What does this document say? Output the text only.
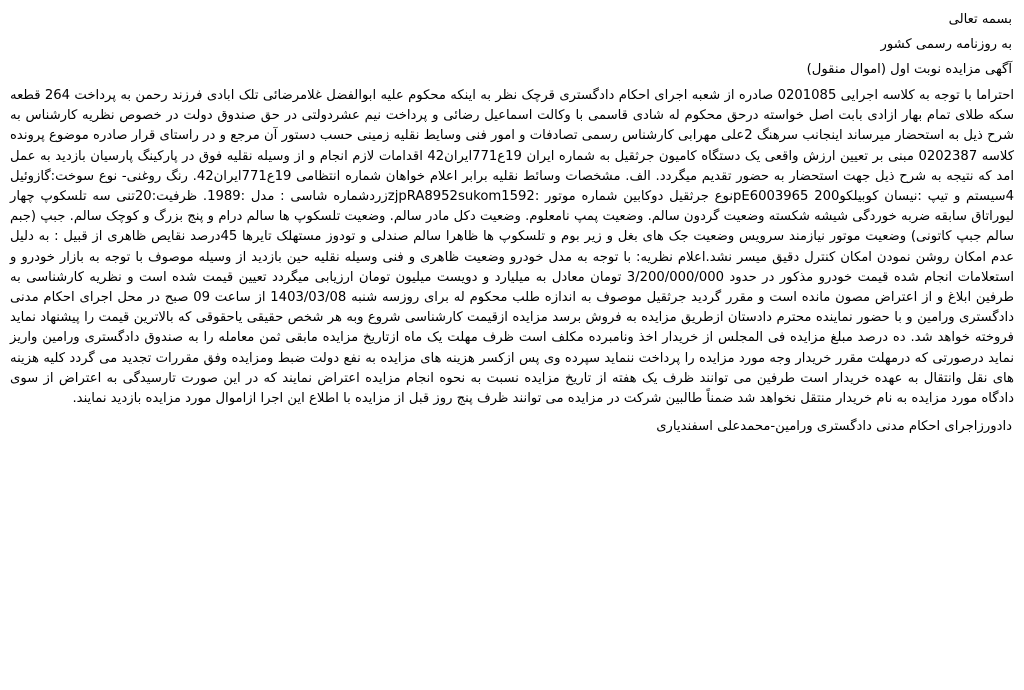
بسمه تعالی

به روزنامه رسمی کشور

آگهی مزایده نوبت اول (اموال منقول)

احتراما با توجه به کلاسه اجرایی 0201085 صادره از شعبه اجرای احکام دادگستری قرچک نظر به اینکه محکوم علیه ابوالفضل غلامرضائی تلک ابادی فرزند رحمن به پرداخت 264 قطعه سکه طلای تمام بهار ازادی بابت اصل خواسته درحق محکوم له شادی قاسمی با وکالت اسماعیل رضائی و پرداخت نیم عشردولتی در حق صندوق دولت در خصوص نظریه کارشناس به شرح ذیل به استحضار میرساند اینجانب سرهنگ 2علی مهرابی کارشناس رسمی تصادفات و امور فنی وسایط نقلیه زمینی حسب دستور آن مرجع و در راستای قرار صادره موضوع پرونده کلاسه 0202387 مبنی بر تعیین ارزش واقعی یک دستگاه کامیون جرثقیل به شماره ایران 19ع771ایران42 اقدامات لازم انجام و از وسیله نقلیه فوق در پارکینگ پارسیان بازدید به عمل امد که نتیجه به شرح ذیل جهت استحضار به حضور تقدیم میگردد. الف. مشخصات وسائط نقلیه برابر اعلام خواهان شماره انتظامی 19ع771ایران42. رنگ روغنی- نوع سوخت:گازوئیل 4سیستم و تیپ :نیسان کوبیلکو200 pE6003965نوع جرثقیل دوکابین شماره موتور :zjpRA8952sukom1592زردشماره شاسی : مدل :1989. ظرفیت:20تنی سه تلسکوپ چهار لیوراتاق سابقه ضربه خوردگی شیشه شکسته وضعیت گردون سالم. وضعیت پمپ نامعلوم. وضعیت دکل مادر سالم. وضعیت تلسکوپ ها سالم درام و پنج بزرگ و کوچک سالم. جبپ (جبم سالم جبپ کاتونی) وضعیت موتور نیازمند سرویس وضعیت جک های بغل و زیر بوم و تلسکوپ ها ظاهرا سالم صندلی و تودوز مستهلک تایرها 45درصد نقایص ظاهری از قبیل : به دلیل عدم امکان روشن نمودن امکان کنترل دقیق میسر نشد.اعلام نظریه: با توجه به مدل خودرو وضعیت ظاهری و فنی وسیله نقلیه حین بازدید از وسیله موصوف با توجه به بازار خودرو و استعلامات انجام شده قیمت خودرو مذکور در حدود 3/200/000/000 تومان معادل به میلیارد و دویست میلیون تومان ارزیابی میگردد تعیین قیمت شده است و نظریه کارشناسی به طرفین ابلاغ و از اعتراض مصون مانده است و مقرر گردید جرثقیل موصوف به اندازه طلب محکوم له برای روزسه شنبه 1403/03/08 از ساعت 09 صبح در محل اجرای احکام مدنی دادگستری ورامین و با حضور نماینده محترم دادستان ازطریق مزایده به فروش برسد مزایده ازقیمت کارشناسی شروع وبه هر شخص حقیقی یاحقوقی که بالاترین قیمت را پیشنهاد نماید فروخته خواهد شد. ده درصد مبلغ مزایده فی المجلس از خریدار اخذ ونامبرده مکلف است ظرف مهلت یک ماه ازتاریخ مزایده مابقی ثمن معامله را به صندوق دادگستری ورامین واریز نماید درصورتی که درمهلت مقرر خریدار وجه مورد مزایده را پرداخت ننماید سپرده وی پس ازکسر هزینه های مزایده به نفع دولت ضبط ومزایده وفق مقررات تجدید می گردد کلیه هزینه های نقل وانتقال به عهده خریدار است طرفین می توانند ظرف یک هفته از تاریخ مزایده نسبت به نحوه انجام مزایده اعتراض نمایند که در این صورت تارسیدگی به اعتراض از سوی دادگاه مورد مزایده به نام خریدار منتقل نخواهد شد ضمناً طالبین شرکت در مزایده می توانند ظرف پنج روز قبل از مزایده با اطلاع این اجرا ازاموال مورد مزایده بازدید نمایند.

دادورزاجرای احکام مدنی دادگستری ورامین-محمدعلی اسفندیاری
